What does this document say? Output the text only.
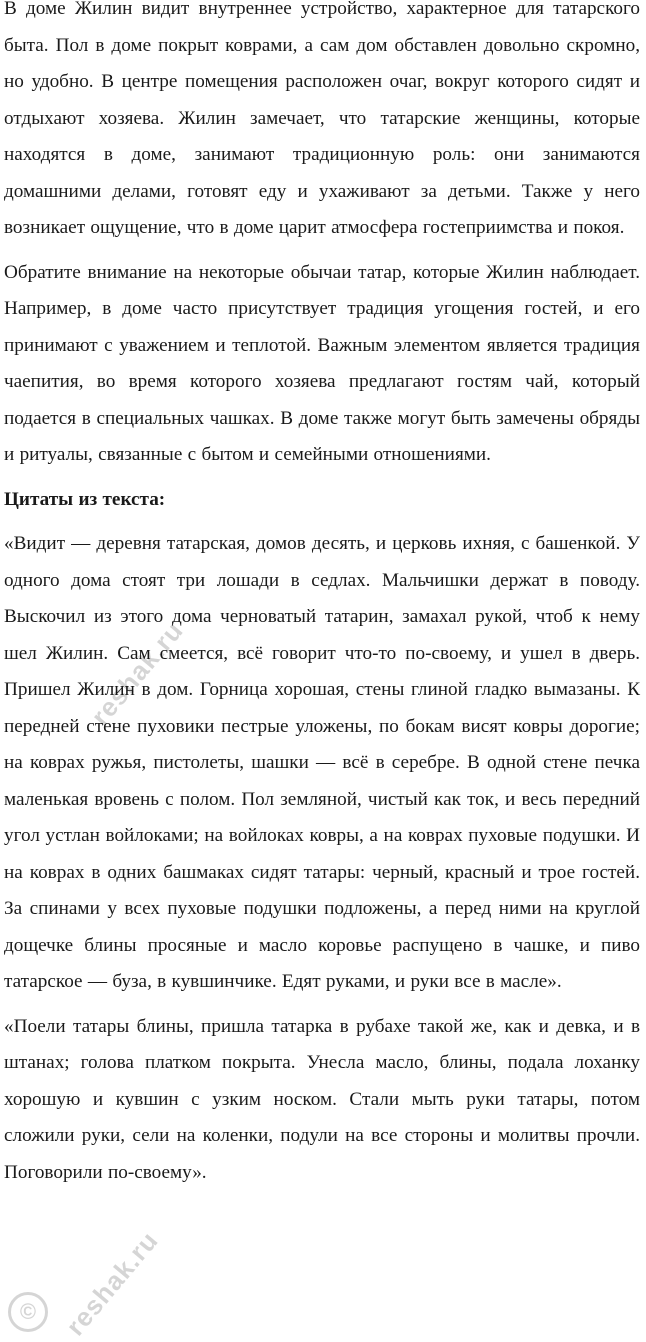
В доме Жилин видит внутреннее устройство, характерное для татарского быта. Пол в доме покрыт коврами, а сам дом обставлен довольно скромно, но удобно. В центре помещения расположен очаг, вокруг которого сидят и отдыхают хозяева. Жилин замечает, что татарские женщины, которые находятся в доме, занимают традиционную роль: они занимаются домашними делами, готовят еду и ухаживают за детьми. Также у него возникает ощущение, что в доме царит атмосфера гостеприимства и покоя.

Обратите внимание на некоторые обычаи татар, которые Жилин наблюдает. Например, в доме часто присутствует традиция угощения гостей, и его принимают с уважением и теплотой. Важным элементом является традиция чаепития, во время которого хозяева предлагают гостям чай, который подается в специальных чашках. В доме также могут быть замечены обряды и ритуалы, связанные с бытом и семейными отношениями.

Цитаты из текста:

«Видит — деревня татарская, домов десять, и церковь ихняя, с башенкой. У одного дома стоят три лошади в седлах. Мальчишки держат в поводу. Выскочил из этого дома черноватый татарин, замахал рукой, чтоб к нему шел Жилин. Сам смеется, всё говорит что-то по-своему, и ушел в дверь. Пришел Жилин в дом. Горница хорошая, стены глиной гладко вымазаны. К передней стене пуховики пестрые уложены, по бокам висят ковры дорогие; на коврах ружья, пистолеты, шашки — всё в серебре. В одной стене печка маленькая вровень с полом. Пол земляной, чистый как ток, и весь передний угол устлан войлоками; на войлоках ковры, а на коврах пуховые подушки. И на коврах в одних башмаках сидят татары: черный, красный и трое гостей. За спинами у всех пуховые подушки подложены, а перед ними на круглой дощечке блины просяные и масло коровье распущено в чашке, и пиво татарское — буза, в кувшинчике. Едят руками, и руки все в масле».

«Поели татары блины, пришла татарка в рубахе такой же, как и девка, и в штанах; голова платком покрыта. Унесла масло, блины, подала лоханку хорошую и кувшин с узким носком. Стали мыть руки татары, потом сложили руки, сели на коленки, подули на все стороны и молитвы прочли. Поговорили по-своему».

reshak.ru
reshak.ru
©
